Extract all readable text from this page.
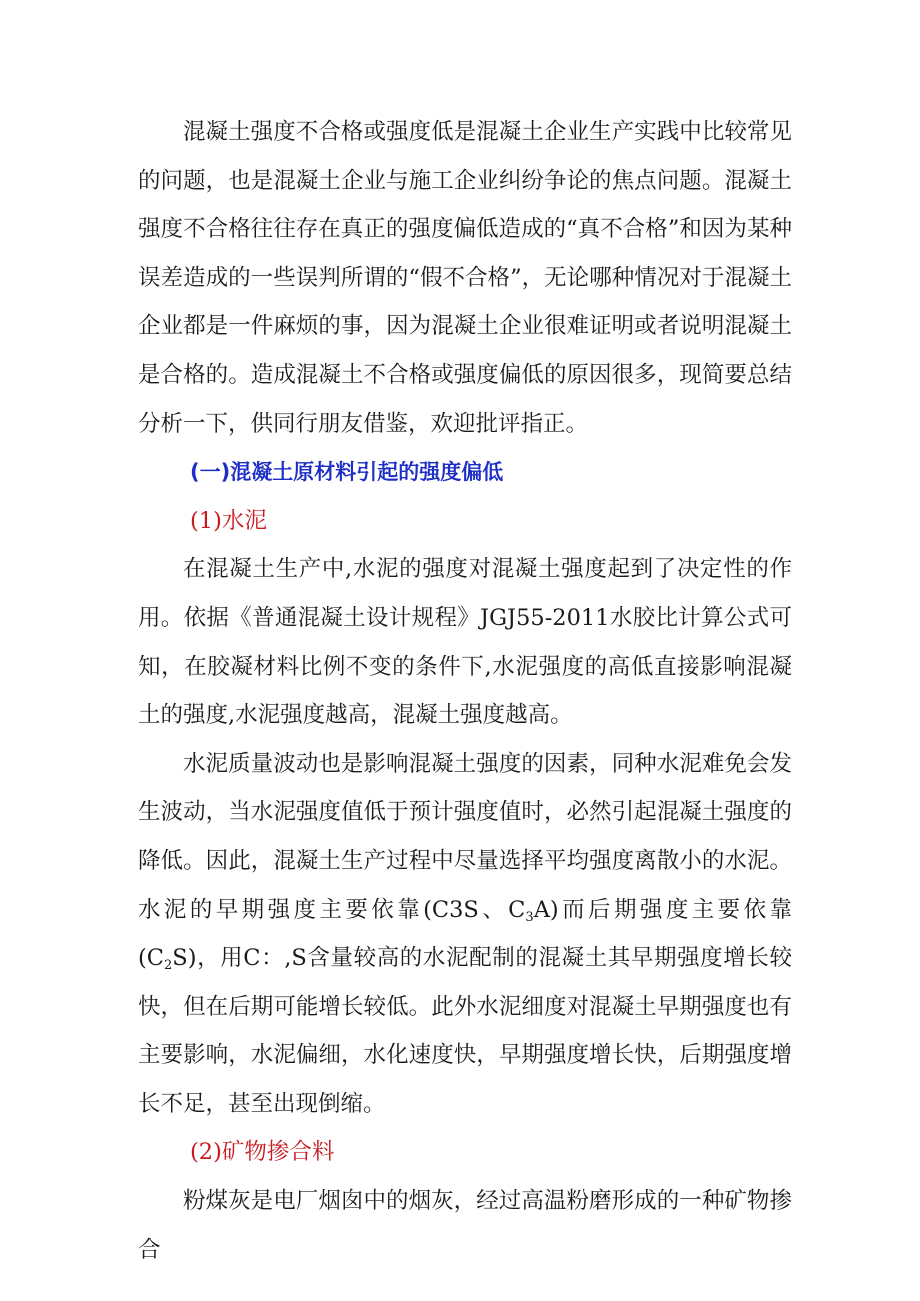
混凝土强度不合格或强度低是混凝土企业生产实践中比较常见的问题，也是混凝土企业与施工企业纠纷争论的焦点问题。混凝土强度不合格往往存在真正的强度偏低造成的“真不合格”和因为某种误差造成的一些误判所谓的“假不合格”，无论哪种情况对于混凝土企业都是一件麻烦的事，因为混凝土企业很难证明或者说明混凝土是合格的。造成混凝土不合格或强度偏低的原因很多，现简要总结分析一下，供同行朋友借鉴，欢迎批评指正。

(一)混凝土原材料引起的强度偏低

(1)水泥

在混凝土生产中,水泥的强度对混凝土强度起到了决定性的作用。依据《普通混凝土设计规程》JGJ55-2011水胶比计算公式可知，在胶凝材料比例不变的条件下,水泥强度的高低直接影响混凝土的强度,水泥强度越高，混凝土强度越高。

水泥质量波动也是影响混凝土强度的因素，同种水泥难免会发生波动，当水泥强度值低于预计强度值时，必然引起混凝土强度的降低。因此，混凝土生产过程中尽量选择平均强度离散小的水泥。水泥的早期强度主要依靠(C3S、$C_3A$)而后期强度主要依靠$(C_2S)$，用C：,S含量较高的水泥配制的混凝土其早期强度增长较快，但在后期可能增长较低。此外水泥细度对混凝土早期强度也有主要影响，水泥偏细，水化速度快，早期强度增长快，后期强度增长不足，甚至出现倒缩。

(2)矿物掺合料

粉煤灰是电厂烟囱中的烟灰，经过高温粉磨形成的一种矿物掺合
